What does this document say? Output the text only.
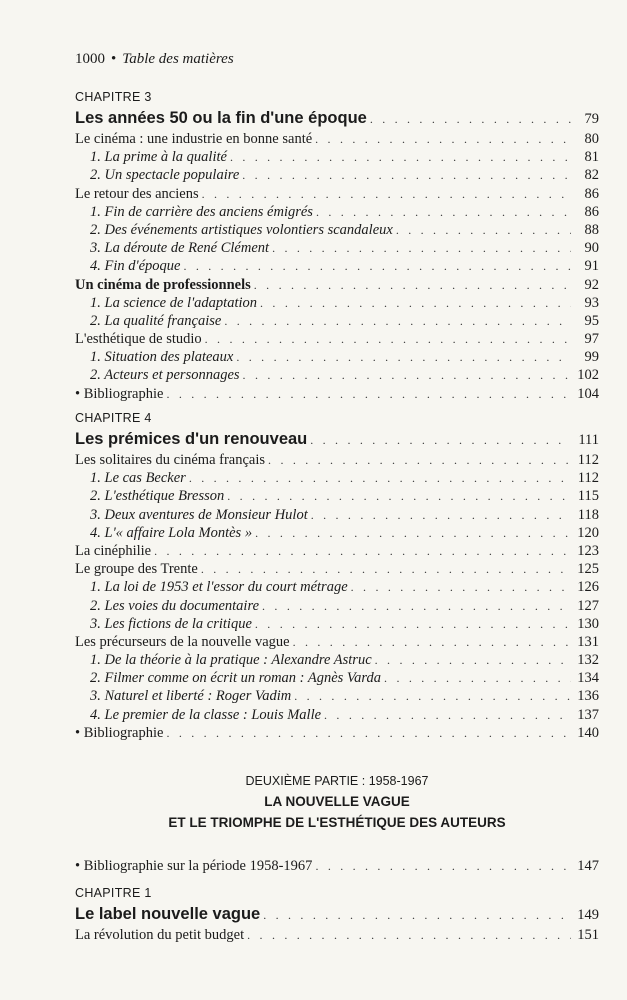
1000 • Table des matières
CHAPITRE 3
Les années 50 ou la fin d'une époque . . .	79
Le cinéma : une industrie en bonne santé . . .	80
1. La prime à la qualité . . .	81
2. Un spectacle populaire . . .	82
Le retour des anciens . . .	86
1. Fin de carrière des anciens émigrés . . .	86
2. Des événements artistiques volontiers scandaleux . . .	88
3. La déroute de René Clément . . .	90
4. Fin d'époque . . .	91
Un cinéma de professionnels . . .	92
1. La science de l'adaptation . . .	93
2. La qualité française . . .	95
L'esthétique de studio . . .	97
1. Situation des plateaux . . .	99
2. Acteurs et personnages . . .	102
• Bibliographie . . .	104
CHAPITRE 4
Les prémices d'un renouveau . . .	111
Les solitaires du cinéma français . . .	112
1. Le cas Becker . . .	112
2. L'esthétique Bresson . . .	115
3. Deux aventures de Monsieur Hulot . . .	118
4. L'« affaire Lola Montès » . . .	120
La cinéphilie . . .	123
Le groupe des Trente . . .	125
1. La loi de 1953 et l'essor du court métrage . . .	126
2. Les voies du documentaire . . .	127
3. Les fictions de la critique . . .	130
Les précurseurs de la nouvelle vague . . .	131
1. De la théorie à la pratique : Alexandre Astruc . . .	132
2. Filmer comme on écrit un roman : Agnès Varda . . .	134
3. Naturel et liberté : Roger Vadim . . .	136
4. Le premier de la classe : Louis Malle . . .	137
• Bibliographie . . .	140
DEUXIÈME PARTIE : 1958-1967
LA NOUVELLE VAGUE
ET LE TRIOMPHE DE L'ESTHÉTIQUE DES AUTEURS
• Bibliographie sur la période 1958-1967 . . .	147
CHAPITRE 1
Le label nouvelle vague . . .	149
La révolution du petit budget . . .	151
